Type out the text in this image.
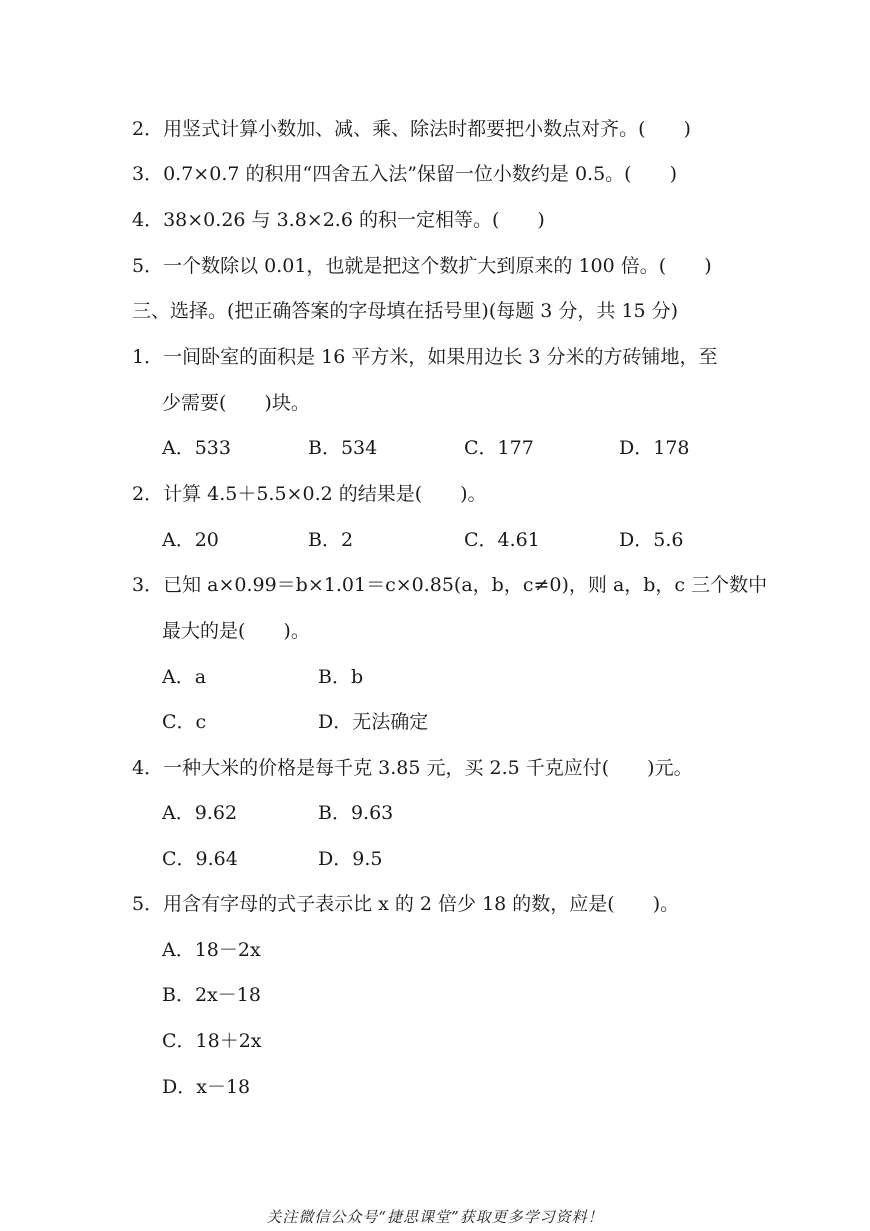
2．用竖式计算小数加、减、乘、除法时都要把小数点对齐。(　　)
3．0.7×0.7 的积用“四舍五入法”保留一位小数约是 0.5。(　　)
4．38×0.26 与 3.8×2.6 的积一定相等。(　　)
5．一个数除以 0.01，也就是把这个数扩大到原来的 100 倍。(　　)
三、选择。(把正确答案的字母填在括号里)(每题 3 分，共 15 分)
1．一间卧室的面积是 16 平方米，如果用边长 3 分米的方砖铺地，至
少需要(　　)块。
A．533	B．534	C．177	D．178
2．计算 4.5＋5.5×0.2 的结果是(　　)。
A．20	B．2	C．4.61	D．5.6
3．已知 a×0.99＝b×1.01＝c×0.85(a，b，c≠0)，则 a，b，c 三个数中
最大的是(　　)。
A．a	B．b
C．c	D．无法确定
4．一种大米的价格是每千克 3.85 元，买 2.5 千克应付(　　)元。
A．9.62	B．9.63
C．9.64	D．9.5
5．用含有字母的式子表示比 x 的 2 倍少 18 的数，应是(　　)。
A．18－2x
B．2x－18
C．18＋2x
D．x－18
关注微信公众号“捷思课堂”获取更多学习资料！
